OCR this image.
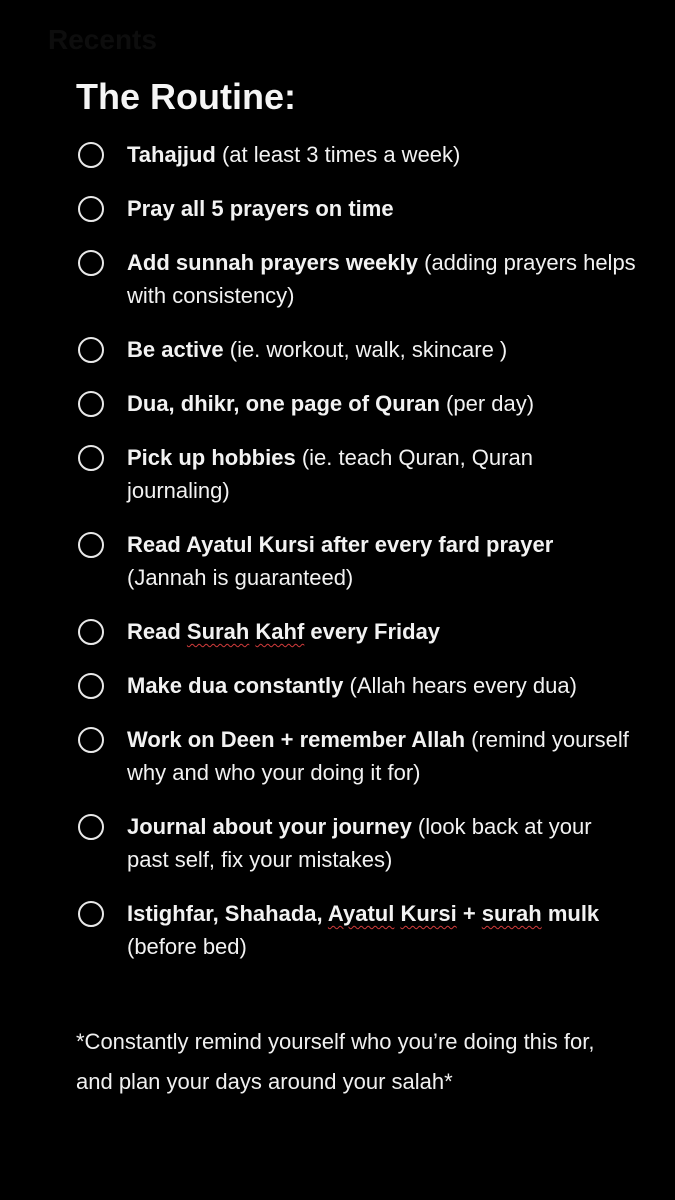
Recents
The Routine:
Tahajjud (at least 3 times a week)
Pray all 5 prayers on time
Add sunnah prayers weekly (adding prayers helps with consistency)
Be active (ie. workout, walk, skincare )
Dua, dhikr, one page of Quran (per day)
Pick up hobbies (ie. teach Quran, Quran journaling)
Read Ayatul Kursi after every fard prayer (Jannah is guaranteed)
Read Surah Kahf every Friday
Make dua constantly (Allah hears every dua)
Work on Deen + remember Allah (remind yourself why and who your doing it for)
Journal about your journey (look back at your past self, fix your mistakes)
Istighfar, Shahada, Ayatul Kursi + surah mulk (before bed)

*Constantly remind yourself who you’re doing this for, and plan your days around your salah*
